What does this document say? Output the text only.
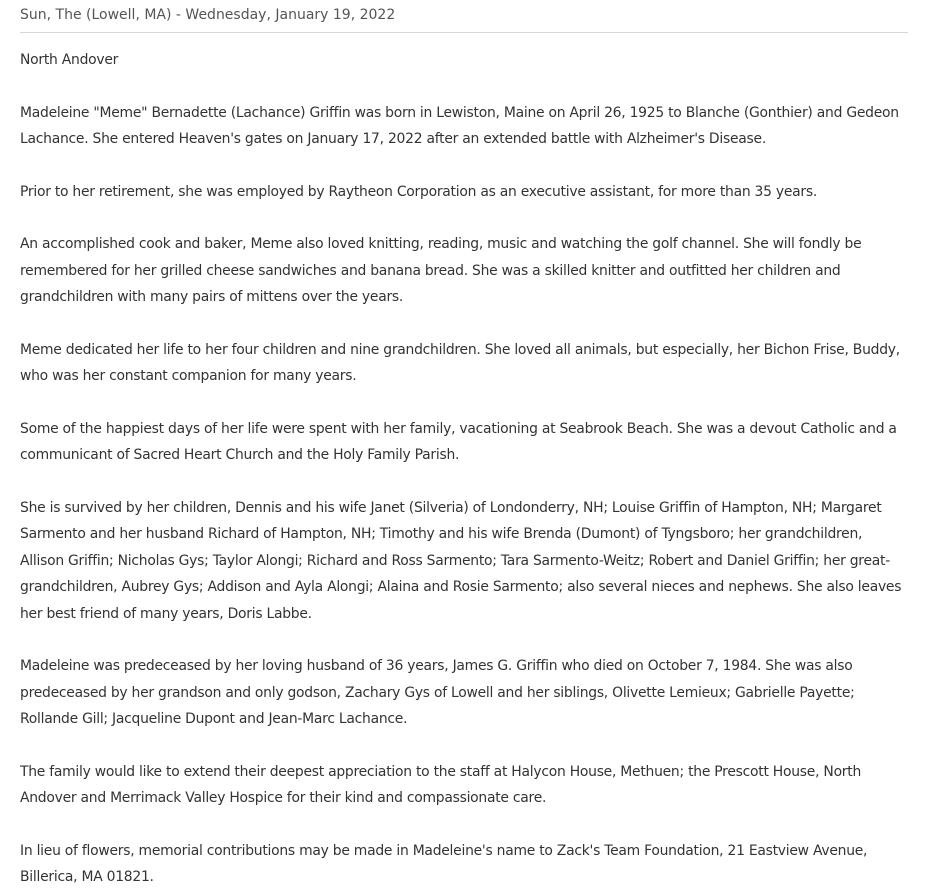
Sun, The (Lowell, MA) - Wednesday, January 19, 2022

North Andover

Madeleine "Meme" Bernadette (Lachance) Griffin was born in Lewiston, Maine on April 26, 1925 to Blanche (Gonthier) and Gedeon Lachance. She entered Heaven's gates on January 17, 2022 after an extended battle with Alzheimer's Disease.

Prior to her retirement, she was employed by Raytheon Corporation as an executive assistant, for more than 35 years.

An accomplished cook and baker, Meme also loved knitting, reading, music and watching the golf channel. She will fondly be remembered for her grilled cheese sandwiches and banana bread. She was a skilled knitter and outfitted her children and grandchildren with many pairs of mittens over the years.

Meme dedicated her life to her four children and nine grandchildren. She loved all animals, but especially, her Bichon Frise, Buddy, who was her constant companion for many years.

Some of the happiest days of her life were spent with her family, vacationing at Seabrook Beach. She was a devout Catholic and a communicant of Sacred Heart Church and the Holy Family Parish.

She is survived by her children, Dennis and his wife Janet (Silveria) of Londonderry, NH; Louise Griffin of Hampton, NH; Margaret Sarmento and her husband Richard of Hampton, NH; Timothy and his wife Brenda (Dumont) of Tyngsboro; her grandchildren, Allison Griffin; Nicholas Gys; Taylor Alongi; Richard and Ross Sarmento; Tara Sarmento-Weitz; Robert and Daniel Griffin; her great-grandchildren, Aubrey Gys; Addison and Ayla Alongi; Alaina and Rosie Sarmento; also several nieces and nephews. She also leaves her best friend of many years, Doris Labbe.

Madeleine was predeceased by her loving husband of 36 years, James G. Griffin who died on October 7, 1984. She was also predeceased by her grandson and only godson, Zachary Gys of Lowell and her siblings, Olivette Lemieux; Gabrielle Payette; Rollande Gill; Jacqueline Dupont and Jean-Marc Lachance.

The family would like to extend their deepest appreciation to the staff at Halycon House, Methuen; the Prescott House, North Andover and Merrimack Valley Hospice for their kind and compassionate care.

In lieu of flowers, memorial contributions may be made in Madeleine's name to Zack's Team Foundation, 21 Eastview Avenue, Billerica, MA 01821.
